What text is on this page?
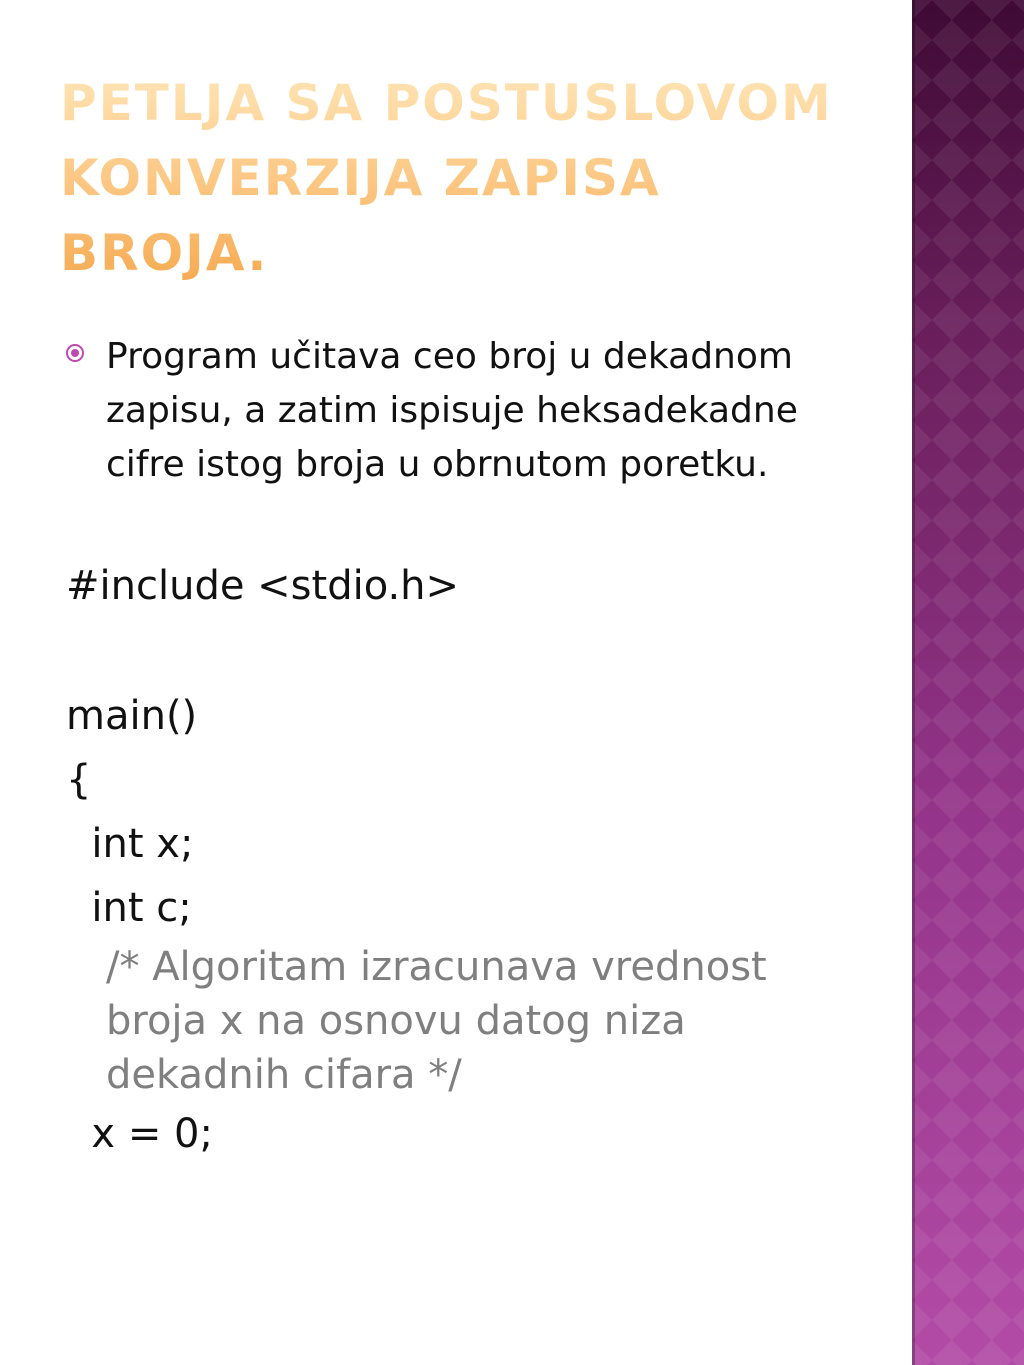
PETLJA SA POSTUSLOVOM
KONVERZIJA ZAPISA
BROJA.
Program učitava ceo broj u dekadnom zapisu, a zatim ispisuje heksadekadne cifre istog broja u obrnutom poretku.
#include <stdio.h>
main()
{
int x;
int c;
/* Algoritam izracunava vrednost broja x na osnovu datog niza dekadnih cifara */
x = 0;
